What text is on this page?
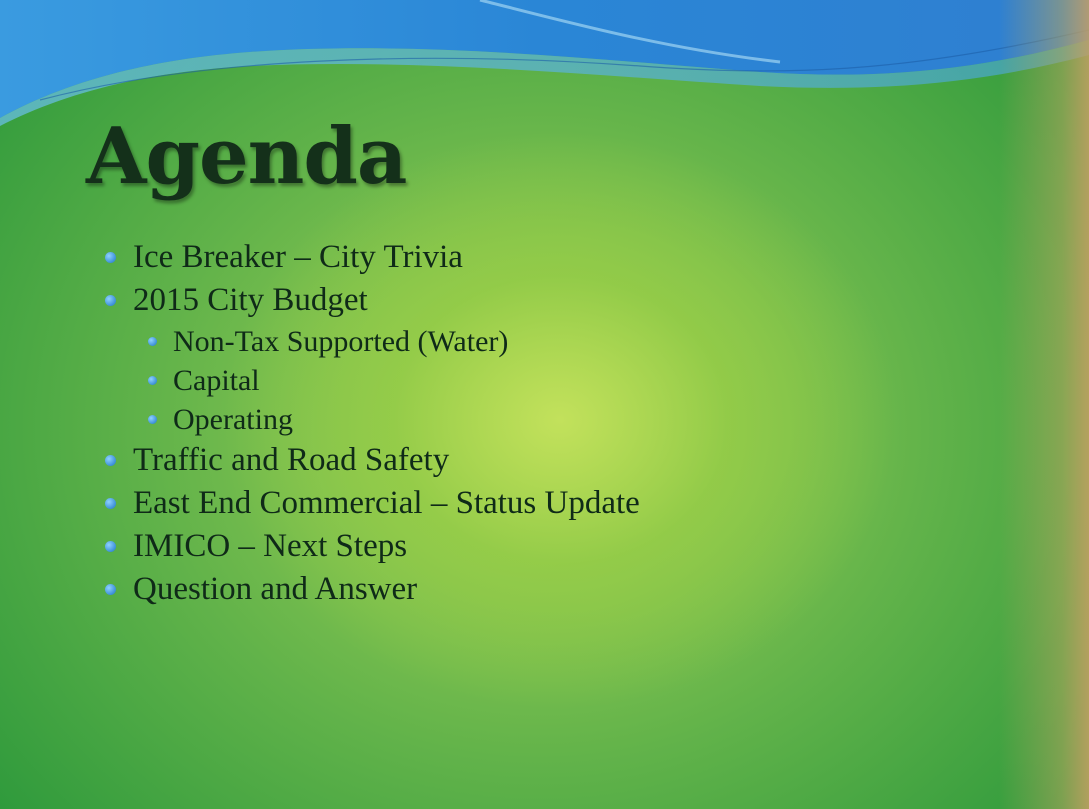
Agenda
Ice Breaker – City Trivia
2015 City Budget
Non-Tax Supported (Water)
Capital
Operating
Traffic and Road Safety
East End Commercial – Status Update
IMICO – Next Steps
Question and Answer
